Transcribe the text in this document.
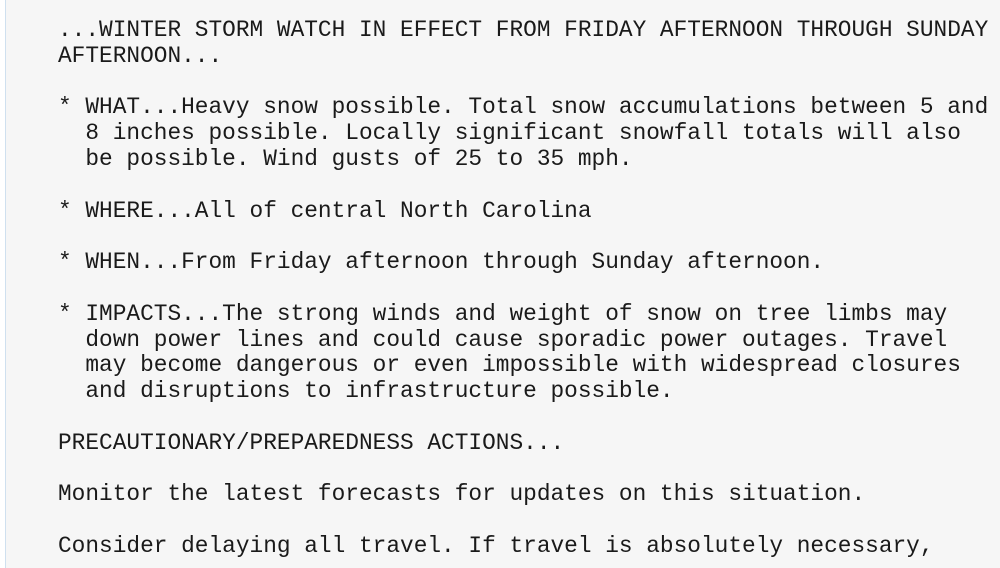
...WINTER STORM WATCH IN EFFECT FROM FRIDAY AFTERNOON THROUGH SUNDAY
AFTERNOON...

* WHAT...Heavy snow possible. Total snow accumulations between 5 and
8 inches possible. Locally significant snowfall totals will also
be possible. Wind gusts of 25 to 35 mph.

* WHERE...All of central North Carolina

* WHEN...From Friday afternoon through Sunday afternoon.

* IMPACTS...The strong winds and weight of snow on tree limbs may
down power lines and could cause sporadic power outages. Travel
may become dangerous or even impossible with widespread closures
and disruptions to infrastructure possible.

PRECAUTIONARY/PREPAREDNESS ACTIONS...

Monitor the latest forecasts for updates on this situation.

Consider delaying all travel. If travel is absolutely necessary,
